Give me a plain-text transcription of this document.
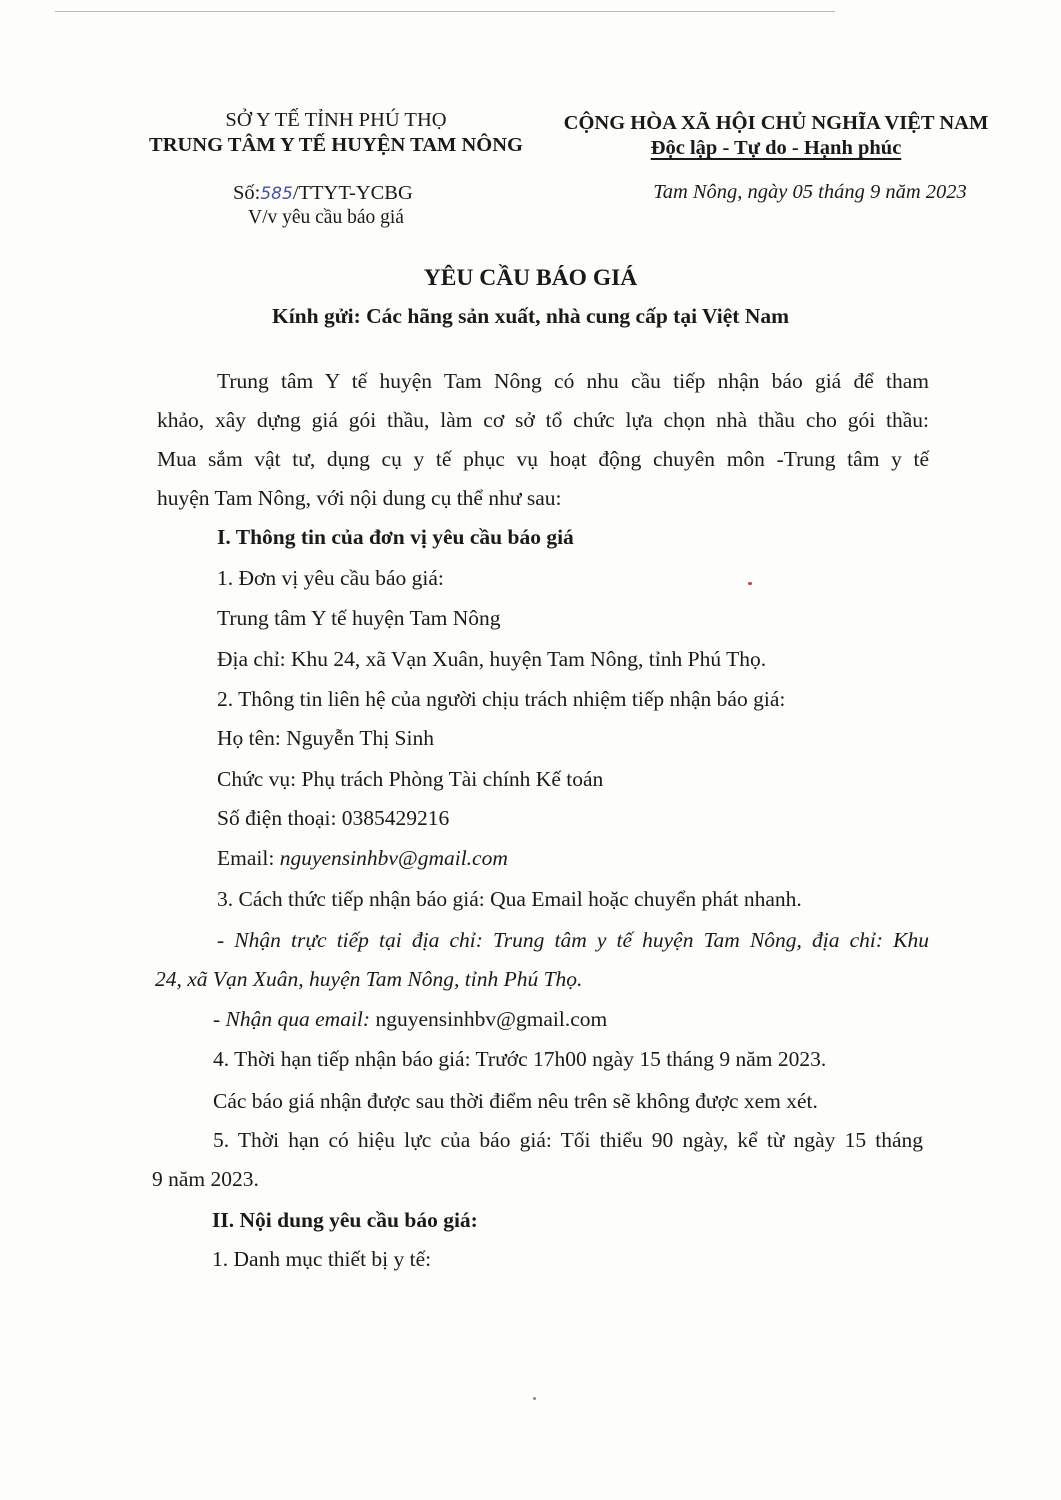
SỞ Y TẾ TỈNH PHÚ THỌ
TRUNG TÂM Y TẾ HUYỆN TAM NÔNG
Số:585/TTYT-YCBG
V/v yêu cầu báo giá
CỘNG HÒA XÃ HỘI CHỦ NGHĨA VIỆT NAM
Độc lập - Tự do - Hạnh phúc
Tam Nông, ngày 05 tháng 9 năm 2023
YÊU CẦU BÁO GIÁ
Kính gửi: Các hãng sản xuất, nhà cung cấp tại Việt Nam
Trung tâm Y tế huyện Tam Nông có nhu cầu tiếp nhận báo giá để tham
khảo, xây dựng giá gói thầu, làm cơ sở tổ chức lựa chọn nhà thầu cho gói thầu:
Mua sắm vật tư, dụng cụ y tế phục vụ hoạt động chuyên môn -Trung tâm y tế
huyện Tam Nông, với nội dung cụ thể như sau:
I. Thông tin của đơn vị yêu cầu báo giá
1. Đơn vị yêu cầu báo giá:
Trung tâm Y tế huyện Tam Nông
Địa chỉ: Khu 24, xã Vạn Xuân, huyện Tam Nông, tỉnh Phú Thọ.
2. Thông tin liên hệ của người chịu trách nhiệm tiếp nhận báo giá:
Họ tên: Nguyễn Thị Sinh
Chức vụ: Phụ trách Phòng Tài chính Kế toán
Số điện thoại: 0385429216
Email: nguyensinhbv@gmail.com
3. Cách thức tiếp nhận báo giá: Qua Email hoặc chuyển phát nhanh.
- Nhận trực tiếp tại địa chỉ: Trung tâm y tế huyện Tam Nông, địa chỉ: Khu
24, xã Vạn Xuân, huyện Tam Nông, tỉnh Phú Thọ.
- Nhận qua email: nguyensinhbv@gmail.com
4. Thời hạn tiếp nhận báo giá: Trước 17h00 ngày 15 tháng 9 năm 2023.
Các báo giá nhận được sau thời điểm nêu trên sẽ không được xem xét.
5. Thời hạn có hiệu lực của báo giá: Tối thiểu 90 ngày, kể từ ngày 15 tháng
9 năm 2023.
II. Nội dung yêu cầu báo giá:
1. Danh mục thiết bị y tế:
